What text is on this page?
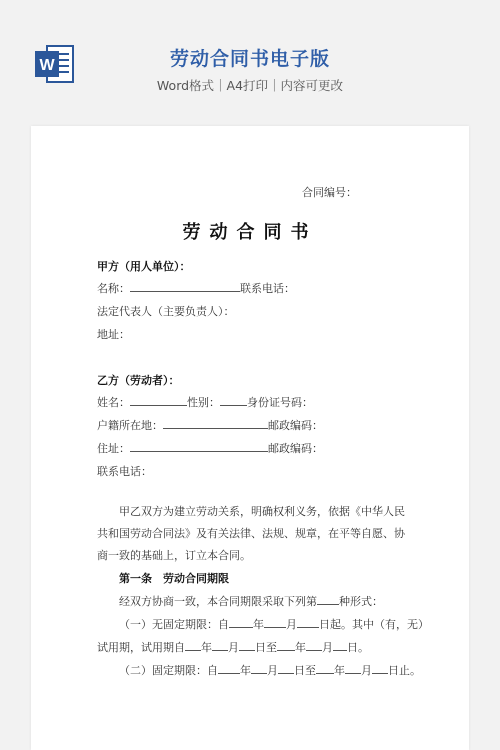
W	劳动合同书电子版
Word格式｜A4打印｜内容可更改
合同编号：
劳动合同书
甲方（用人单位）：
名称：	联系电话：
法定代表人（主要负责人）：
地址：
乙方（劳动者）：
姓名：	性别： 身份证号码：
户籍所在地：	邮政编码：
住址：	邮政编码：
联系电话：
甲乙双方为建立劳动关系，明确权利义务，依据《中华人民共和国劳动合同法》及有关法律、法规、规章，在平等自愿、协商一致的基础上，订立本合同。
第一条　劳动合同期限
经双方协商一致，本合同期限采取下列第 种形式：
（一）无固定期限：自 年 月 日起。其中（有，无）
试用期，试用期自 年 月 日至 年 月 日。
（二）固定期限：自 年 月 日至 年 月 日止。
